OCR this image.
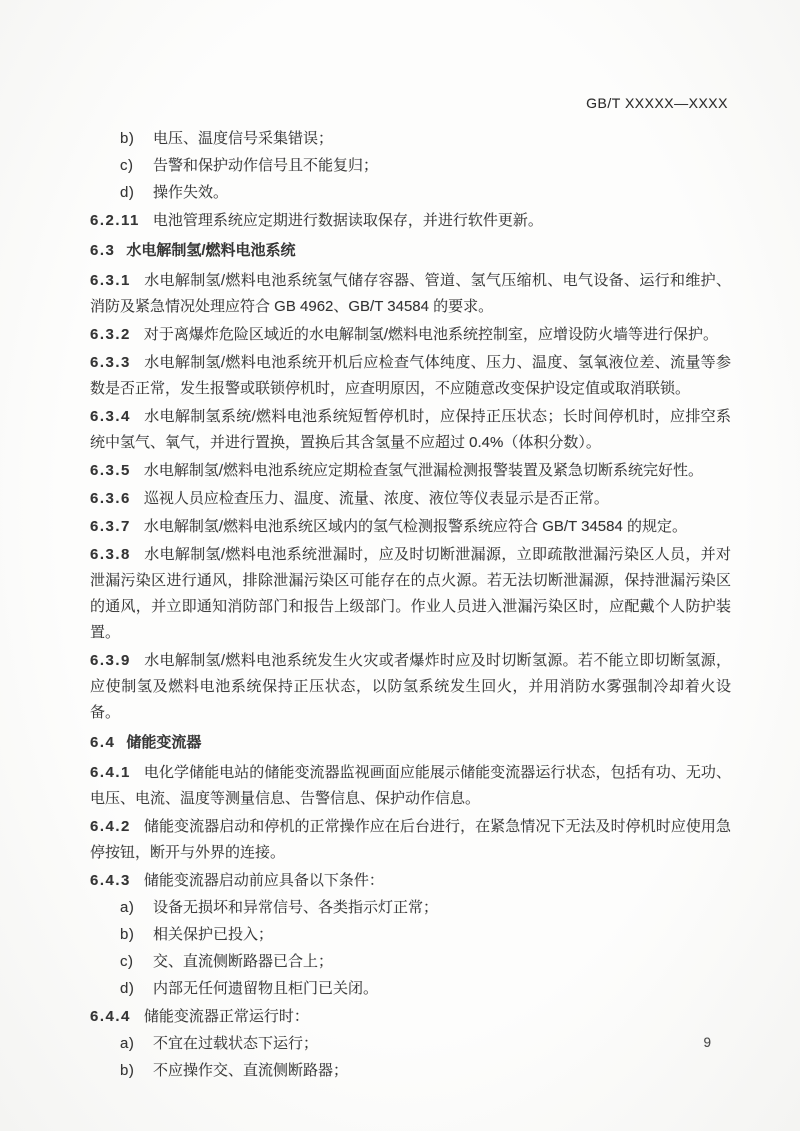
GB/T XXXXX—XXXX

b) 电压、温度信号采集错误；

c) 告警和保护动作信号且不能复归；

d) 操作失效。

6.2.11 电池管理系统应定期进行数据读取保存，并进行软件更新。

6.3 水电解制氢/燃料电池系统

6.3.1 水电解制氢/燃料电池系统氢气储存容器、管道、氢气压缩机、电气设备、运行和维护、消防及紧急情况处理应符合 GB 4962、GB/T 34584 的要求。

6.3.2 对于离爆炸危险区域近的水电解制氢/燃料电池系统控制室，应增设防火墙等进行保护。

6.3.3 水电解制氢/燃料电池系统开机后应检查气体纯度、压力、温度、氢氧液位差、流量等参数是否正常，发生报警或联锁停机时，应查明原因，不应随意改变保护设定值或取消联锁。

6.3.4 水电解制氢系统/燃料电池系统短暂停机时，应保持正压状态；长时间停机时，应排空系统中氢气、氧气，并进行置换，置换后其含氢量不应超过 0.4%（体积分数）。

6.3.5 水电解制氢/燃料电池系统应定期检查氢气泄漏检测报警装置及紧急切断系统完好性。

6.3.6 巡视人员应检查压力、温度、流量、浓度、液位等仪表显示是否正常。

6.3.7 水电解制氢/燃料电池系统区域内的氢气检测报警系统应符合 GB/T 34584 的规定。

6.3.8 水电解制氢/燃料电池系统泄漏时，应及时切断泄漏源，立即疏散泄漏污染区人员，并对泄漏污染区进行通风，排除泄漏污染区可能存在的点火源。若无法切断泄漏源，保持泄漏污染区的通风，并立即通知消防部门和报告上级部门。作业人员进入泄漏污染区时，应配戴个人防护装置。

6.3.9 水电解制氢/燃料电池系统发生火灾或者爆炸时应及时切断氢源。若不能立即切断氢源，应使制氢及燃料电池系统保持正压状态，以防氢系统发生回火，并用消防水雾强制冷却着火设备。

6.4 储能变流器

6.4.1 电化学储能电站的储能变流器监视画面应能展示储能变流器运行状态，包括有功、无功、电压、电流、温度等测量信息、告警信息、保护动作信息。

6.4.2 储能变流器启动和停机的正常操作应在后台进行，在紧急情况下无法及时停机时应使用急停按钮，断开与外界的连接。

6.4.3 储能变流器启动前应具备以下条件：

a) 设备无损坏和异常信号、各类指示灯正常；

b) 相关保护已投入；

c) 交、直流侧断路器已合上；

d) 内部无任何遗留物且柜门已关闭。

6.4.4 储能变流器正常运行时：

a) 不宜在过载状态下运行；

b) 不应操作交、直流侧断路器；

9
